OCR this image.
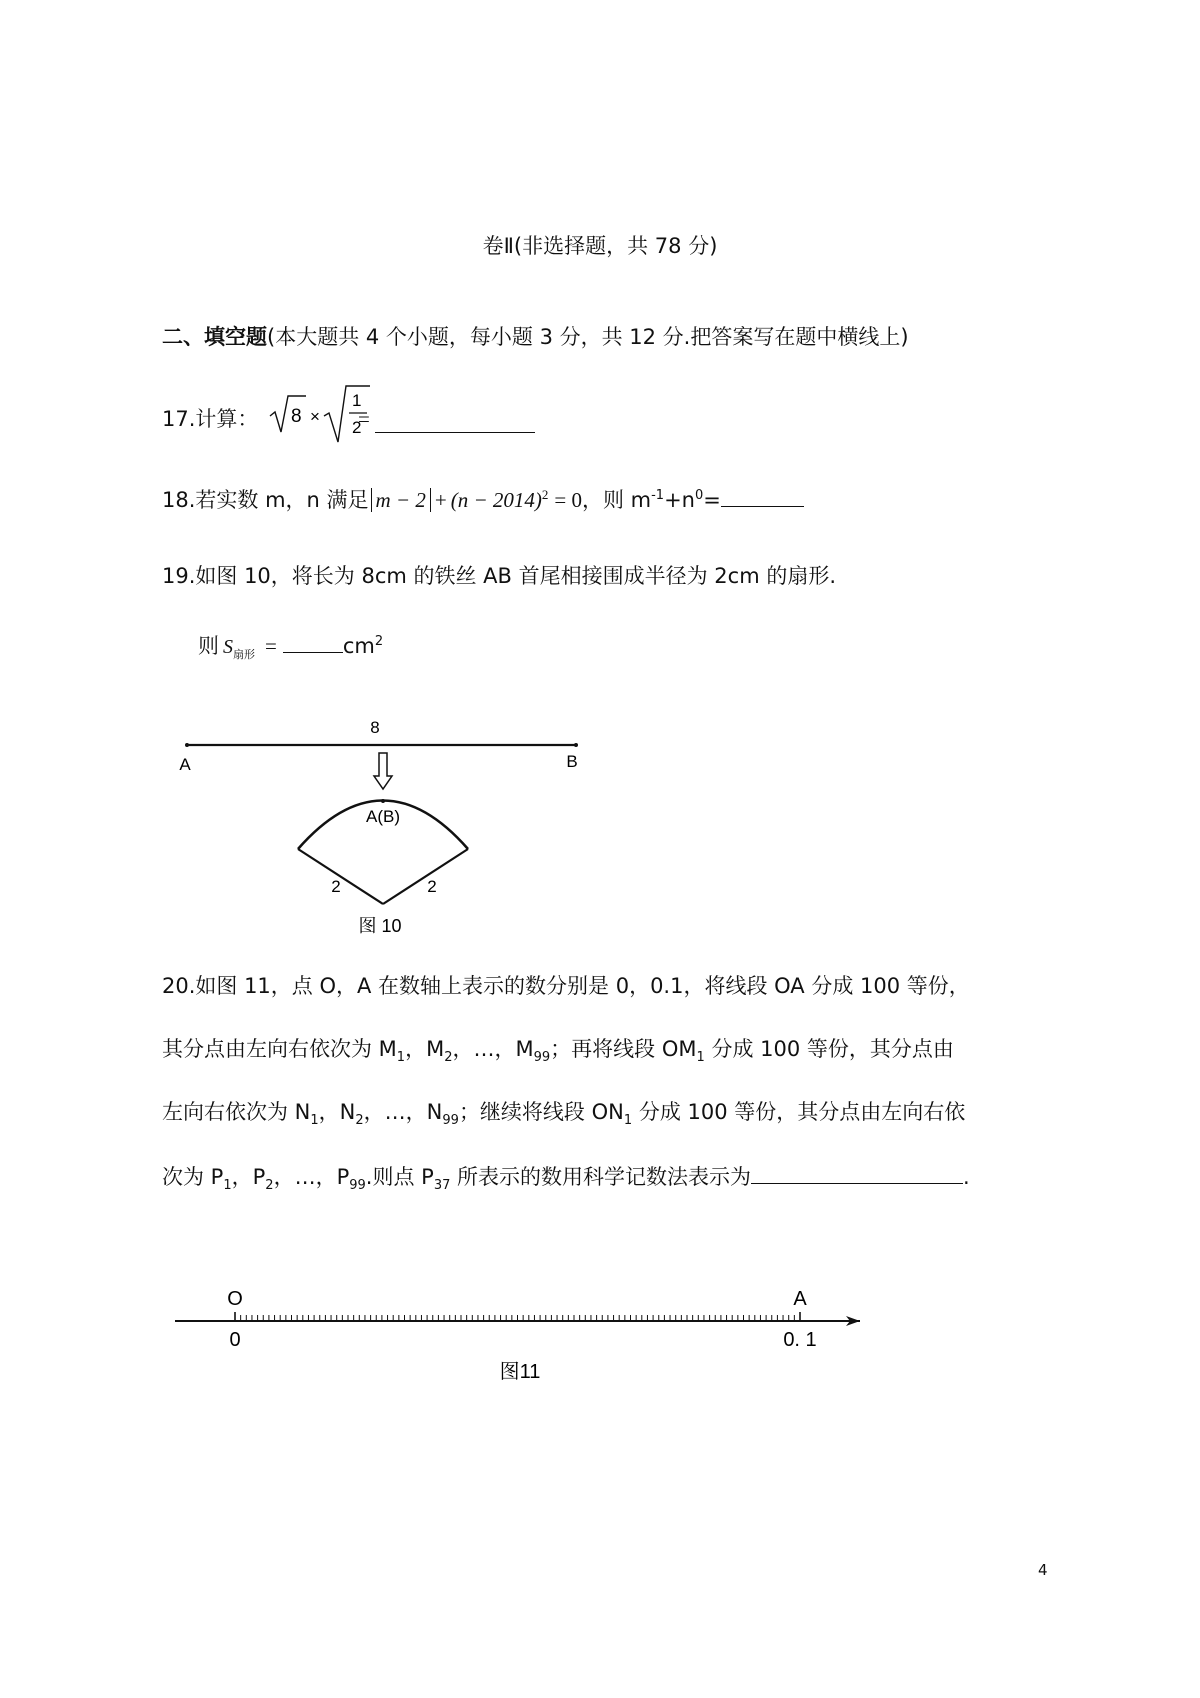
卷Ⅱ(非选择题，共 78 分)
二、填空题(本大题共 4 个小题，每小题 3 分，共 12 分.把答案写在题中横线上)
17.计算： 8 ×
1
2
=
18.若实数 m，n 满足 $m - 2 + (n - 2014)^2 = 0$，则 $m^{-1}+n^0=$
19.如图 10，将长为 8cm 的铁丝 AB 首尾相接围成半径为 2cm 的扇形.
则 $S_{扇形}$ =	$cm^2$
8
A	B
A(B)
2	2
图 10
20.如图 11，点 O，A 在数轴上表示的数分别是 0，0.1，将线段 OA 分成 100 等份，
其分点由左向右依次为 $M_1$，$M_2$，…，$M_{99}$；再将线段 $OM_1$ 分成 100 等份，其分点由
左向右依次为 $N_1$，$N_2$，…，$N_{99}$；继续将线段 $ON_1$ 分成 100 等份，其分点由左向右依
次为 $P_1$，$P_2$，…，$P_{99}$.则点 $P_{37}$ 所表示的数用科学记数法表示为	.
O	A
0	0. 1
图11
4
